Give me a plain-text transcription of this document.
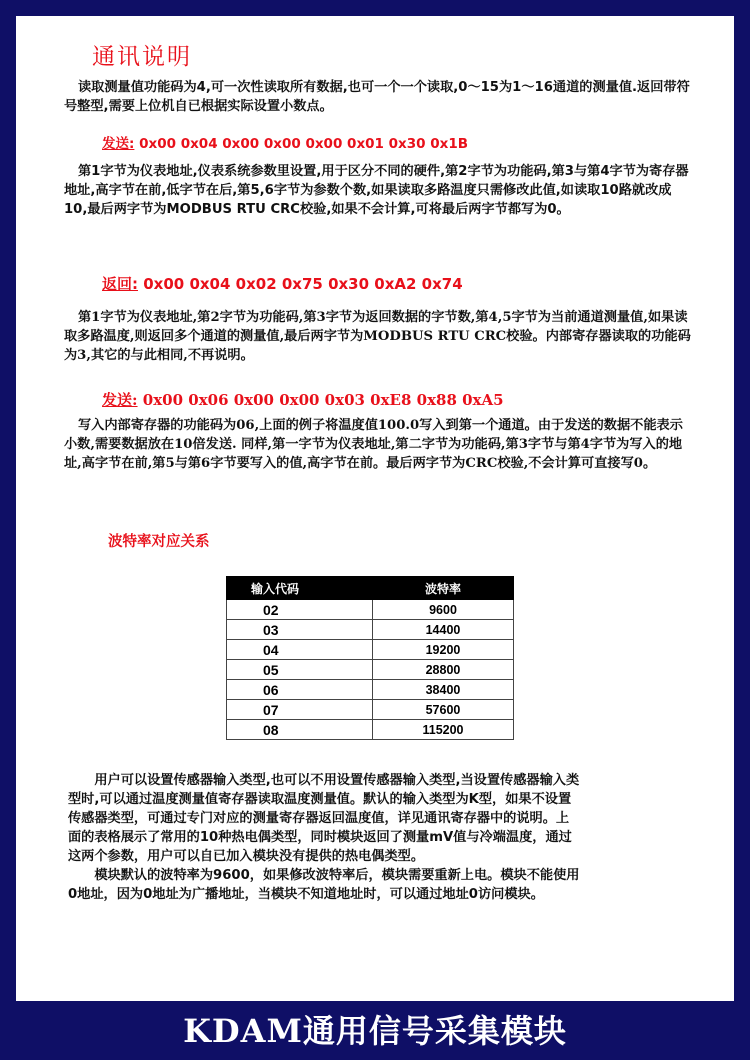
通讯说明

读取测量值功能码为4,可一次性读取所有数据,也可一个一个读取,0～15为1～16通道的测量值.返回带符号整型,需要上位机自已根据实际设置小数点。

发送: 0x00 0x04 0x00 0x00 0x00 0x01 0x30 0x1B

第1字节为仪表地址,仪表系统参数里设置,用于区分不同的硬件,第2字节为功能码,第3与第4字节为寄存器地址,高字节在前,低字节在后,第5,6字节为参数个数,如果读取多路温度只需修改此值,如读取10路就改成10,最后两字节为MODBUS RTU CRC校验,如果不会计算,可将最后两字节都写为0。

返回: 0x00 0x04 0x02 0x75 0x30 0xA2 0x74

第1字节为仪表地址,第2字节为功能码,第3字节为返回数据的字节数,第4,5字节为当前通道测量值,如果读取多路温度,则返回多个通道的测量值,最后两字节为MODBUS RTU CRC校验。内部寄存器读取的功能码为3,其它的与此相同,不再说明。

发送: 0x00 0x06 0x00 0x00 0x03 0xE8 0x88 0xA5

写入内部寄存器的功能码为06,上面的例子将温度值100.0写入到第一个通道。由于发送的数据不能表示小数,需要数据放在10倍发送. 同样,第一字节为仪表地址,第二字节为功能码,第3字节与第4字节为写入的地址,高字节在前,第5与第6字节要写入的值,高字节在前。最后两字节为CRC校验,不会计算可直接写0。

波特率对应关系

输入代码	波特率
02	9600
03	14400
04	19200
05	28800
06	38400
07	57600
08	115200

　　用户可以设置传感器输入类型,也可以不用设置传感器输入类型,当设置传感器输入类
型时,可以通过温度测量值寄存器读取温度测量值。默认的输入类型为K型，如果不设置
传感器类型，可通过专门对应的测量寄存器返回温度值，详见通讯寄存器中的说明。上
面的表格展示了常用的10种热电偶类型，同时模块返回了测量mV值与冷端温度，通过
这两个参数，用户可以自已加入模块没有提供的热电偶类型。
　　模块默认的波特率为9600，如果修改波特率后，模块需要重新上电。模块不能使用
0地址，因为0地址为广播地址，当模块不知道地址时，可以通过地址0访问模块。

KDAM通用信号采集模块
